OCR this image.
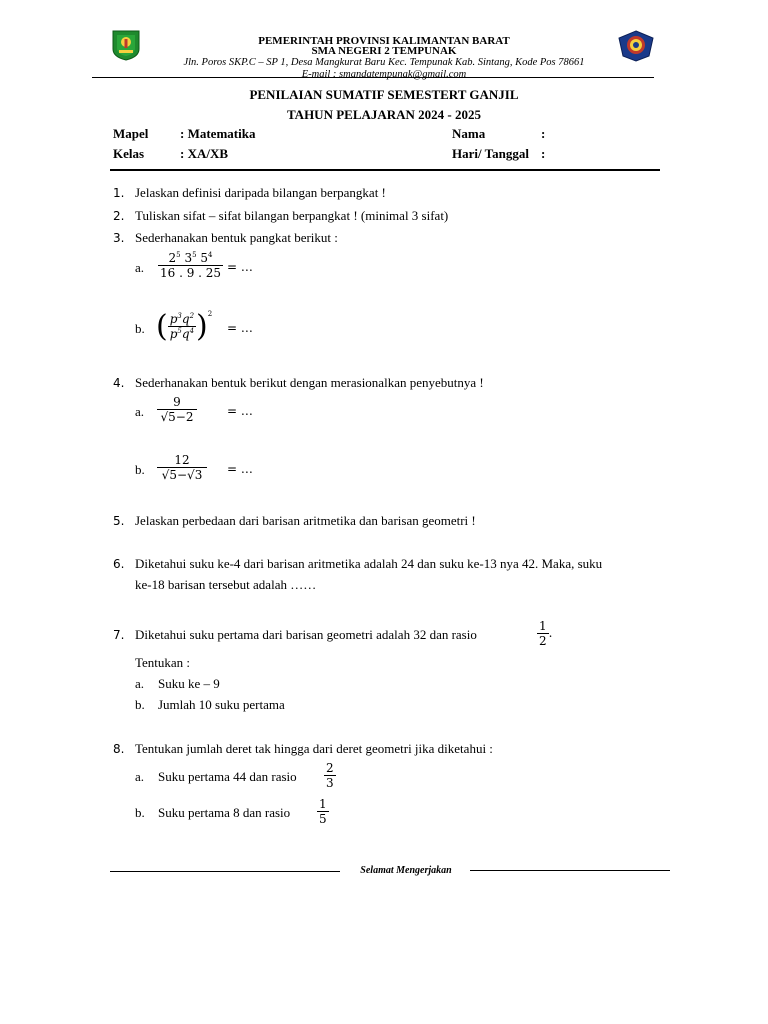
PEMERINTAH PROVINSI KALIMANTAN BARAT
SMA NEGERI 2 TEMPUNAK
Jln. Poros SKP.C – SP 1, Desa Mangkurat Baru Kec. Tempunak Kab. Sintang, Kode Pos 78661
E-mail : smandatempunak@gmail.com
PENILAIAN SUMATIF SEMESTERT GANJIL
TAHUN PELAJARAN 2024 - 2025
Mapel : Matematika	Nama	:
Kelas	: XA/XB	Hari/ Tanggal :
1. Jelaskan definisi daripada bilangan berpangkat !
2. Tuliskan sifat – sifat bilangan berpangkat ! (minimal 3 sifat)
3. Sederhanakan bentuk pangkat berikut :
a. $\frac{2^5 3^5 5^4}{16 . 9 . 25}$ = …
b. ( $\frac{p^3q^2}{p^5q^4} )^2$
= …
4. Sederhanakan bentuk berikut dengan merasionalkan penyebutnya !
a. $\frac{9}{√5-2}$	= …
b. $\frac{12}{√5-√3}$ = …
5. Jelaskan perbedaan dari barisan aritmetika dan barisan geometri !
6. Diketahui suku ke-4 dari barisan aritmetika adalah 24 dan suku ke-13 nya 42. Maka, suku
ke-18 barisan tersebut adalah ……
7. Diketahui suku pertama dari barisan geometri adalah 32 dan rasio	$\frac{1}{2}$ .
Tentukan :
a. Suku ke – 9
b. Jumlah 10 suku pertama
8. Tentukan jumlah deret tak hingga dari deret geometri jika diketahui :
a. Suku pertama 44 dan rasio $\frac{2}{3}$
b. Suku pertama 8 dan rasio $\frac{1}{5}$
Selamat Mengerjakan
